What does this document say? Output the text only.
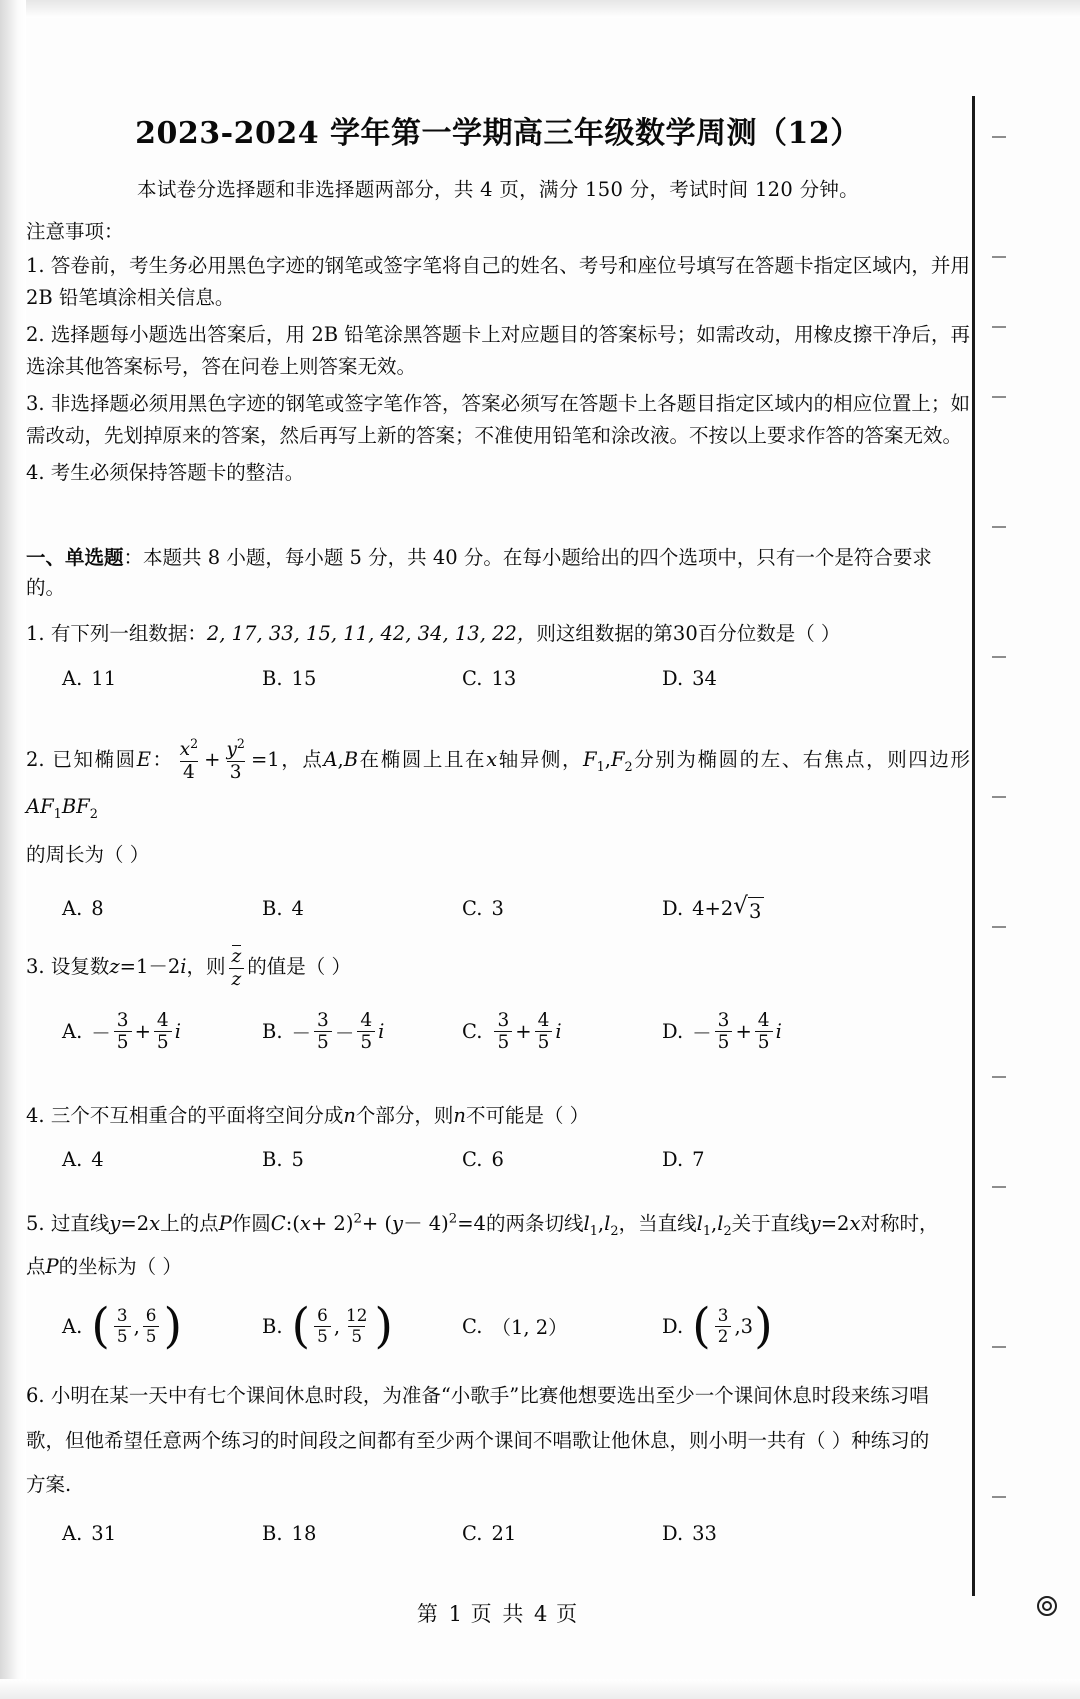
2023-2024 学年第一学期高三年级数学周测（12）

本试卷分选择题和非选择题两部分，共 4 页，满分 150 分，考试时间 120 分钟。

注意事项：

1. 答卷前，考生务必用黑色字迹的钢笔或签字笔将自己的姓名、考号和座位号填写在答题卡指定区域内，并用 2B 铅笔填涂相关信息。

2. 选择题每小题选出答案后，用 2B 铅笔涂黑答题卡上对应题目的答案标号；如需改动，用橡皮擦干净后，再选涂其他答案标号，答在问卷上则答案无效。

3. 非选择题必须用黑色字迹的钢笔或签字笔作答，答案必须写在答题卡上各题目指定区域内的相应位置上；如需改动，先划掉原来的答案，然后再写上新的答案；不准使用铅笔和涂改液。不按以上要求作答的答案无效。

4. 考生必须保持答题卡的整洁。

一、单选题：本题共 8 小题，每小题 5 分，共 40 分。在每小题给出的四个选项中，只有一个是符合要求的。

1. 有下列一组数据：2, 17, 33, 15, 11, 42, 34, 13, 22，则这组数据的第30百分位数是（ ）

A. 11	B. 15	C. 13	D. 34

2. 已知椭圆E： $\frac{x^2}{4} + \frac{y^2}{3} =1$，点A,B在椭圆上且在x轴异侧，$F_1,F_2$分别为椭圆的左、右焦点，则四边形$AF_1BF_2$
的周长为（ ）

A. 8	B. 4	C. 3	D. 4+2 √ 3

3. 设复数z=1－2i，则 $\frac{z}{z}$ 的值是（ ）

A. － $\frac{3}{5} + \frac{4}{5}$ i	B. － $\frac{3}{5} - \frac{4}{5}$ i	C. $\frac{3}{5} + \frac{4}{5}$ i	D. － $\frac{3}{5} + \frac{4}{5}$ i

4. 三个不互相重合的平面将空间分成n个部分，则n不可能是（ ）

A. 4	B. 5	C. 6	D. 7

5. 过直线y=2x上的点P作圆C:(x+ $2)^2+ (y- 4)^2=4$的两条切线$l_1,l_2$，当直线$l_1,l_2$关于直线y=2x对称时，
点P的坐标为（ ）

A. ( $\frac{3}{5}$ , $\frac{6}{5}$ )	B. ( $\frac{6}{5}$ , $\frac{12}{5}$ )	C. （1, 2）	D. ( $\frac{3}{2}$ , 3 )

6. 小明在某一天中有七个课间休息时段，为准备“小歌手”比赛他想要选出至少一个课间休息时段来练习唱
歌，但他希望任意两个练习的时间段之间都有至少两个课间不唱歌让他休息，则小明一共有（ ）种练习的
方案.

A. 31	B. 18	C. 21	D. 33
第 1 页 共 4 页
